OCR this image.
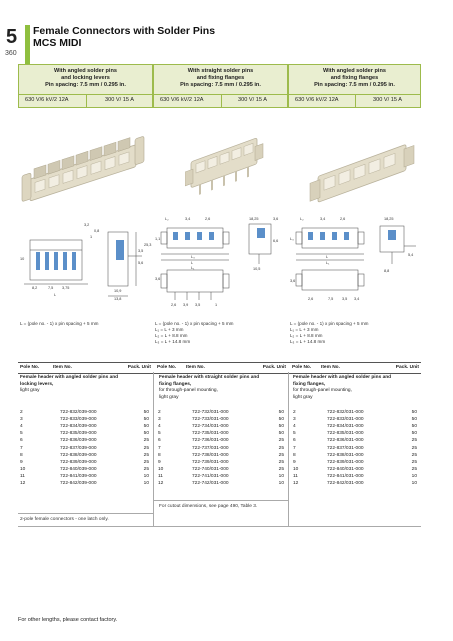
5
360
Female Connectors with Solder Pins
MCS MIDI
With angled solder pins
and locking levers
Pin spacing: 7.5 mm / 0.295 in.
630 V/6 kV/2 12A	300 V/ 15 A
With straight solder pins
and fixing flanges
Pin spacing: 7.5 mm / 0.295 in.
630 V/6 kV/2 12A	300 V/ 15 A
With angled solder pins
and fixing flanges
Pin spacing: 7.5 mm / 0.295 in.
630 V/6 kV/2 12A	300 V/ 15 A
3,2
0,8
1
10
8,2	7,5 3,75
L
10,9
13,8
3,5
5,6
25,3
L₂	3,4	2,6	18,25	3,6
1,1
L₃
L
L₁
3,6
2,6 3,9 3,5	1
10,5
6,6
L₂	3,4	2,6	18,25
L₃
5,4
L
L₁
3,6
2,6	7,5 3,5 3,4
8,8
L = (pole no. - 1) x pin spacing + 5 mm	L = (pole no. - 1) x pin spacing + 5 mm
L₁ = L + 3 mm
L₂ = L + 8.8 mm
L₃ = L + 14.8 mm
L = (pole no. - 1) x pin spacing + 5 mm
L₁ = L + 3 mm
L₂ = L + 8.8 mm
L₃ = L + 14.8 mm
Pole No.	Item No.	Pack. Unit Pole No. Item No.	Pack. Unit Pole No. Item No.	Pack. Unit
Female header with angled solder pins and
locking levers,
light gray
Female header with straight solder pins and
fixing flanges,
for through-panel mounting,
light gray
Female header with angled solder pins and
fixing flanges,
for through-panel mounting,
light gray
2	722-832/039-000	50
3	722-833/039-000	50
4	722-834/039-000	50
5	722-835/039-000	50
6	722-836/039-000	25
7	722-837/039-000	25
8	722-838/039-000	25
9	722-839/039-000	25
10	722-840/039-000	25
11	722-841/039-000	10
12	722-842/039-000	10
2	722-732/031-000	50
3	722-733/031-000	50
4	722-734/031-000	50
5	722-735/031-000	50
6	722-736/031-000	25
7	722-737/031-000	25
8	722-738/031-000	25
9	722-739/031-000	25
10	722-740/031-000	25
11	722-741/031-000	10
12	722-742/031-000	10
2	722-832/031-000	50
3	722-833/031-000	50
4	722-834/031-000	50
5	722-835/031-000	50
6	722-836/031-000	25
7	722-837/031-000	25
8	722-838/031-000	25
9	722-839/031-000	25
10	722-840/031-000	25
11	722-841/031-000	10
12	722-842/031-000	10
For cutout dimensions, see page 490, Table 3.
2-pole female connectors - one latch only.
For other lengths, please contact factory.
